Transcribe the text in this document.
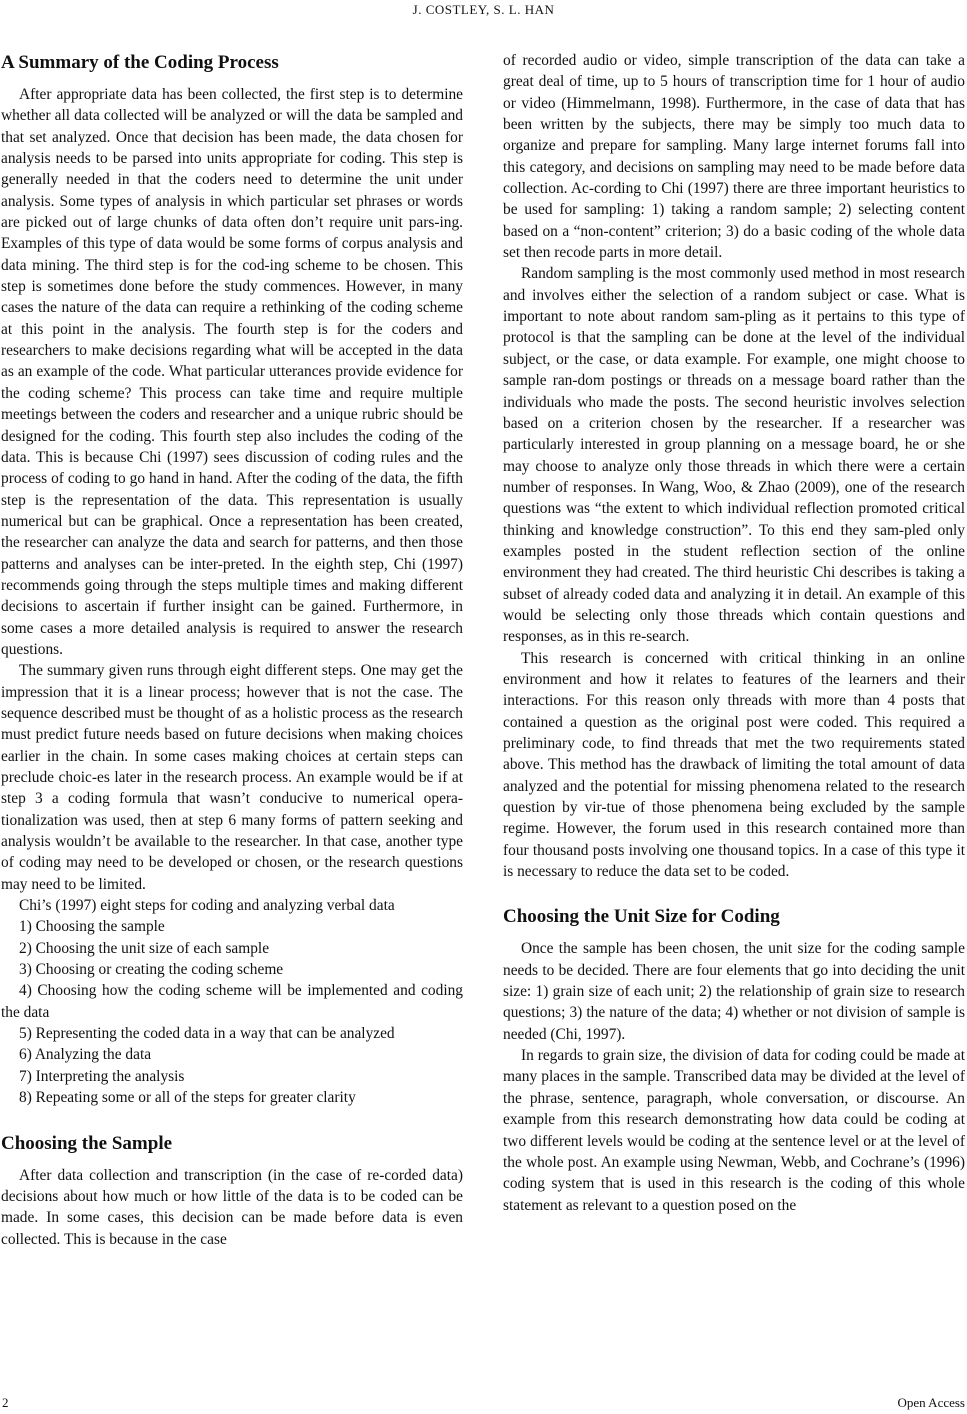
J. COSTLEY, S. L. HAN
A Summary of the Coding Process

After appropriate data has been collected, the first step is to determine whether all data collected will be analyzed or will the data be sampled and that set analyzed. Once that decision has been made, the data chosen for analysis needs to be parsed into units appropriate for coding. This step is generally needed in that the coders need to determine the unit under analysis. Some types of analysis in which particular set phrases or words are picked out of large chunks of data often don’t require unit pars-ing. Examples of this type of data would be some forms of corpus analysis and data mining. The third step is for the cod-ing scheme to be chosen. This step is sometimes done before the study commences. However, in many cases the nature of the data can require a rethinking of the coding scheme at this point in the analysis. The fourth step is for the coders and researchers to make decisions regarding what will be accepted in the data as an example of the code. What particular utterances provide evidence for the coding scheme? This process can take time and require multiple meetings between the coders and researcher and a unique rubric should be designed for the coding. This fourth step also includes the coding of the data. This is because Chi (1997) sees discussion of coding rules and the process of coding to go hand in hand. After the coding of the data, the fifth step is the representation of the data. This representation is usually numerical but can be graphical. Once a representation has been created, the researcher can analyze the data and search for patterns, and then those patterns and analyses can be inter-preted. In the eighth step, Chi (1997) recommends going through the steps multiple times and making different decisions to ascertain if further insight can be gained. Furthermore, in some cases a more detailed analysis is required to answer the research questions.

The summary given runs through eight different steps. One may get the impression that it is a linear process; however that is not the case. The sequence described must be thought of as a holistic process as the research must predict future needs based on future decisions when making choices earlier in the chain. In some cases making choices at certain steps can preclude choic-es later in the research process. An example would be if at step 3 a coding formula that wasn’t conducive to numerical opera-tionalization was used, then at step 6 many forms of pattern seeking and analysis wouldn’t be available to the researcher. In that case, another type of coding may need to be developed or chosen, or the research questions may need to be limited.

Chi’s (1997) eight steps for coding and analyzing verbal data

1) Choosing the sample

2) Choosing the unit size of each sample

3) Choosing or creating the coding scheme

4) Choosing how the coding scheme will be implemented and coding the data

5) Representing the coded data in a way that can be analyzed

6) Analyzing the data

7) Interpreting the analysis

8) Repeating some or all of the steps for greater clarity

Choosing the Sample

After data collection and transcription (in the case of re-corded data) decisions about how much or how little of the data is to be coded can be made. In some cases, this decision can be made before data is even collected. This is because in the case

of recorded audio or video, simple transcription of the data can take a great deal of time, up to 5 hours of transcription time for 1 hour of audio or video (Himmelmann, 1998). Furthermore, in the case of data that has been written by the subjects, there may be simply too much data to organize and prepare for sampling. Many large internet forums fall into this category, and decisions on sampling may need to be made before data collection. Ac-cording to Chi (1997) there are three important heuristics to be used for sampling: 1) taking a random sample; 2) selecting content based on a “non-content” criterion; 3) do a basic coding of the whole data set then recode parts in more detail.

Random sampling is the most commonly used method in most research and involves either the selection of a random subject or case. What is important to note about random sam-pling as it pertains to this type of protocol is that the sampling can be done at the level of the individual subject, or the case, or data example. For example, one might choose to sample ran-dom postings or threads on a message board rather than the individuals who made the posts. The second heuristic involves selection based on a criterion chosen by the researcher. If a researcher was particularly interested in group planning on a message board, he or she may choose to analyze only those threads in which there were a certain number of responses. In Wang, Woo, & Zhao (2009), one of the research questions was “the extent to which individual reflection promoted critical thinking and knowledge construction”. To this end they sam-pled only examples posted in the student reflection section of the online environment they had created. The third heuristic Chi describes is taking a subset of already coded data and analyzing it in detail. An example of this would be selecting only those threads which contain questions and responses, as in this re-search.

This research is concerned with critical thinking in an online environment and how it relates to features of the learners and their interactions. For this reason only threads with more than 4 posts that contained a question as the original post were coded. This required a preliminary code, to find threads that met the two requirements stated above. This method has the drawback of limiting the total amount of data analyzed and the potential for missing phenomena related to the research question by vir-tue of those phenomena being excluded by the sample regime. However, the forum used in this research contained more than four thousand posts involving one thousand topics. In a case of this type it is necessary to reduce the data set to be coded.

Choosing the Unit Size for Coding

Once the sample has been chosen, the unit size for the coding sample needs to be decided. There are four elements that go into deciding the unit size: 1) grain size of each unit; 2) the relationship of grain size to research questions; 3) the nature of the data; 4) whether or not division of sample is needed (Chi, 1997).

In regards to grain size, the division of data for coding could be made at many places in the sample. Transcribed data may be divided at the level of the phrase, sentence, paragraph, whole conversation, or discourse. An example from this research demonstrating how data could be coding at two different levels would be coding at the sentence level or at the level of the whole post. An example using Newman, Webb, and Cochrane’s (1996) coding system that is used in this research is the coding of this whole statement as relevant to a question posed on the

2	Open Access
